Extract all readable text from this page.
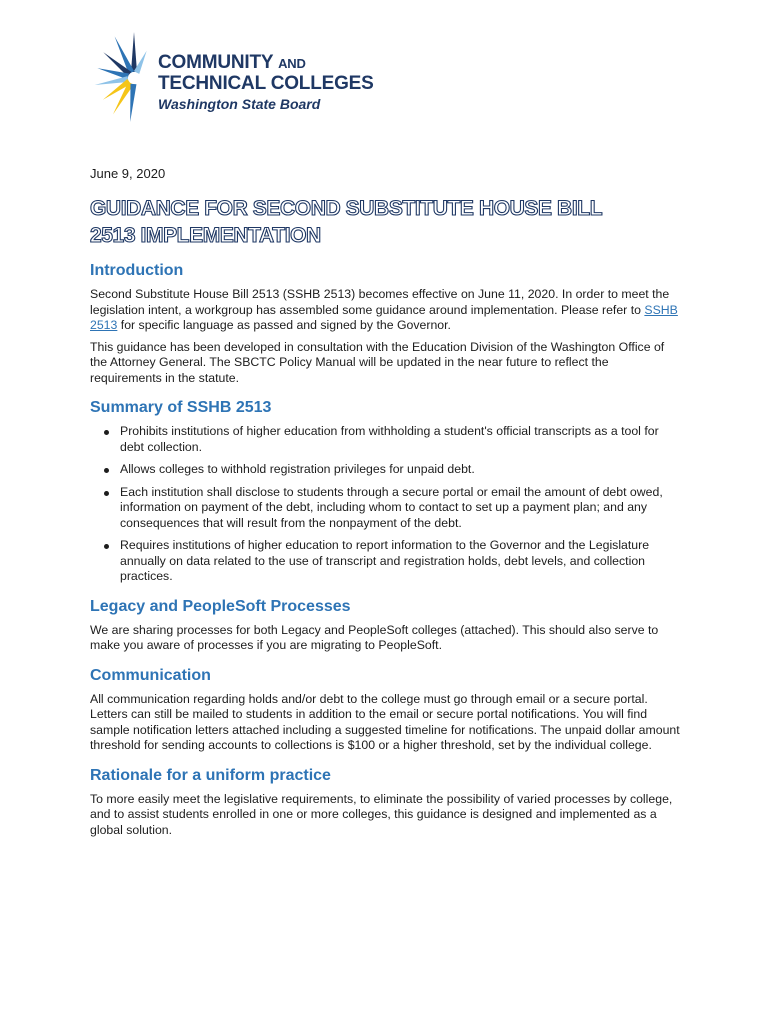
COMMUNITY AND
TECHNICAL COLLEGES
Washington State Board
June 9, 2020
GUIDANCE FOR SECOND SUBSTITUTE HOUSE BILL
2513 IMPLEMENTATION
Introduction

Second Substitute House Bill 2513 (SSHB 2513) becomes effective on June 11, 2020. In order to meet the legislation intent, a workgroup has assembled some guidance around implementation. Please refer to SSHB 2513 for specific language as passed and signed by the Governor.

This guidance has been developed in consultation with the Education Division of the Washington Office of the Attorney General. The SBCTC Policy Manual will be updated in the near future to reflect the requirements in the statute.

Summary of SSHB 2513
Prohibits institutions of higher education from withholding a student's official transcripts as a tool for debt collection.
Allows colleges to withhold registration privileges for unpaid debt.
Each institution shall disclose to students through a secure portal or email the amount of debt owed, information on payment of the debt, including whom to contact to set up a payment plan; and any consequences that will result from the nonpayment of the debt.
Requires institutions of higher education to report information to the Governor and the Legislature annually on data related to the use of transcript and registration holds, debt levels, and collection practices.
Legacy and PeopleSoft Processes

We are sharing processes for both Legacy and PeopleSoft colleges (attached). This should also serve to make you aware of processes if you are migrating to PeopleSoft.

Communication

All communication regarding holds and/or debt to the college must go through email or a secure portal. Letters can still be mailed to students in addition to the email or secure portal notifications. You will find sample notification letters attached including a suggested timeline for notifications. The unpaid dollar amount threshold for sending accounts to collections is $100 or a higher threshold, set by the individual college.

Rationale for a uniform practice

To more easily meet the legislative requirements, to eliminate the possibility of varied processes by college, and to assist students enrolled in one or more colleges, this guidance is designed and implemented as a global solution.
